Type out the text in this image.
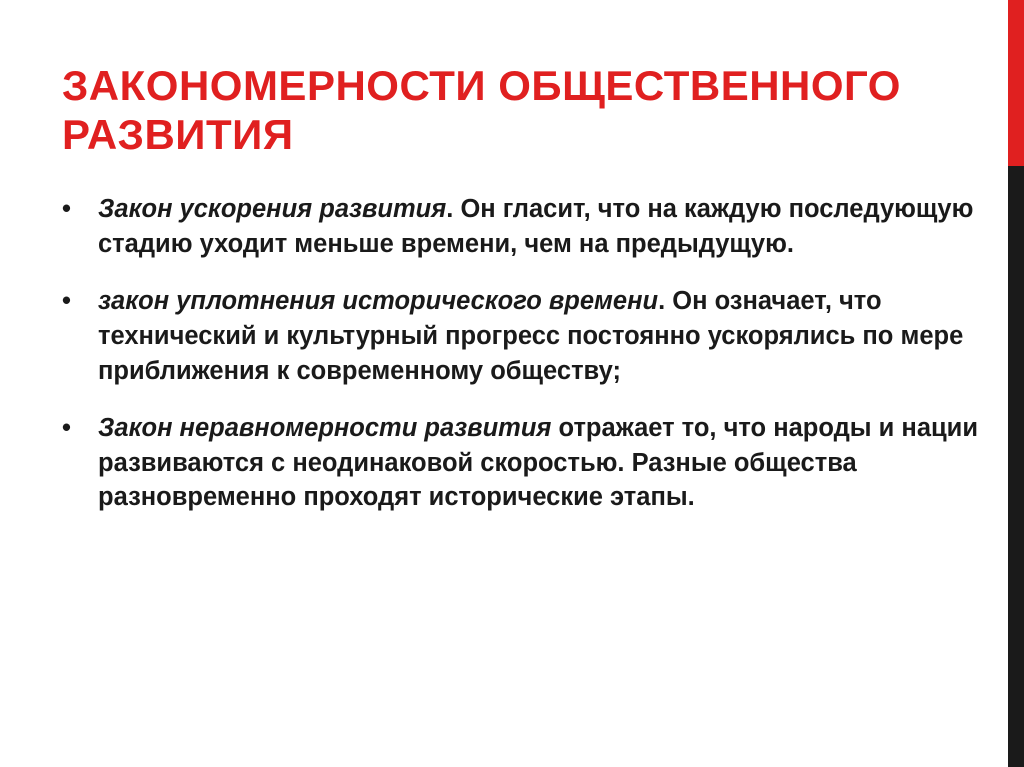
ЗАКОНОМЕРНОСТИ ОБЩЕСТВЕННОГО РАЗВИТИЯ
• Закон ускорения развития. Он гласит, что на каждую последующую стадию уходит меньше времени, чем на предыдущую.
• закон уплотнения исторического времени. Он означает, что технический и культурный прогресс постоянно ускорялись по мере приближения к современному обществу;
• Закон неравномерности развития отражает то, что народы и нации развиваются с неодинаковой скоростью. Разные общества разновременно проходят исторические этапы.
